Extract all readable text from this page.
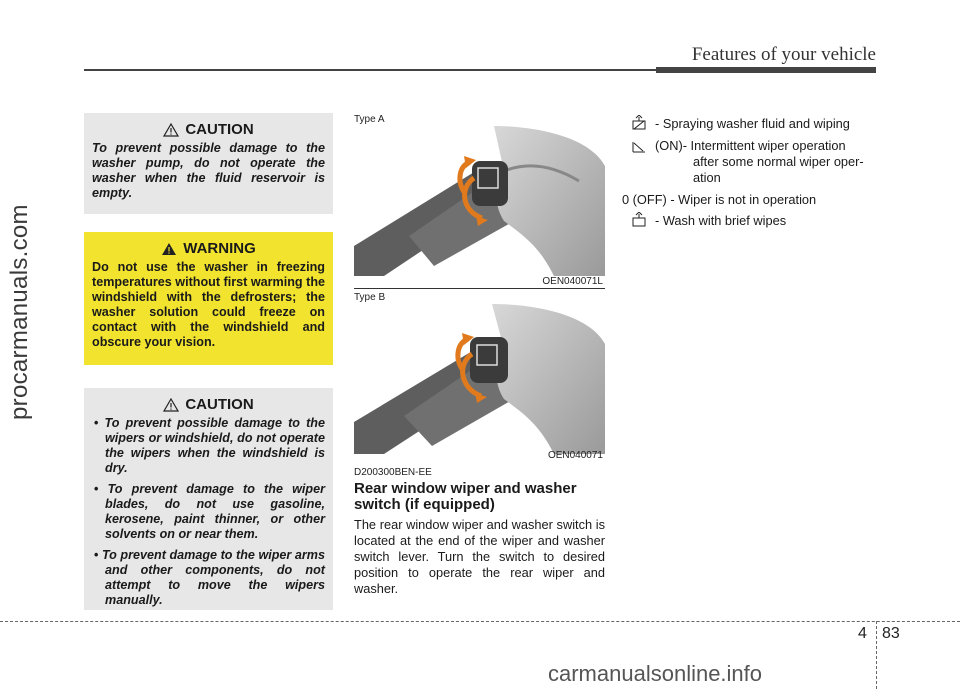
Features of your vehicle
procarmanuals.com
CAUTION
To prevent possible damage to the washer pump, do not operate the washer when the fluid reservoir is empty.
WARNING
Do not use the washer in freezing temperatures without first warming the windshield with the defrosters; the washer solution could freeze on contact with the windshield and obscure your vision.
CAUTION
• To prevent possible damage to the wipers or windshield, do not operate the wipers when the windshield is dry.
• To prevent damage to the wiper blades, do not use gasoline, kerosene, paint thinner, or other solvents on or near them.
• To prevent damage to the wiper arms and other components, do not attempt to move the wipers manually.
Type A
OEN040071L
Type B
OEN040071
D200300BEN-EE
Rear window wiper and washer switch (if equipped)
The rear window wiper and washer switch is located at the end of the wiper and washer switch lever. Turn the switch to desired position to operate the rear wiper and washer.
- Spraying washer fluid and wiping
(ON)- Intermittent wiper operation
after some normal wiper oper-
ation
0 (OFF) - Wiper is not in operation
- Wash with brief wipes
4 83
carmanualsonline.info
